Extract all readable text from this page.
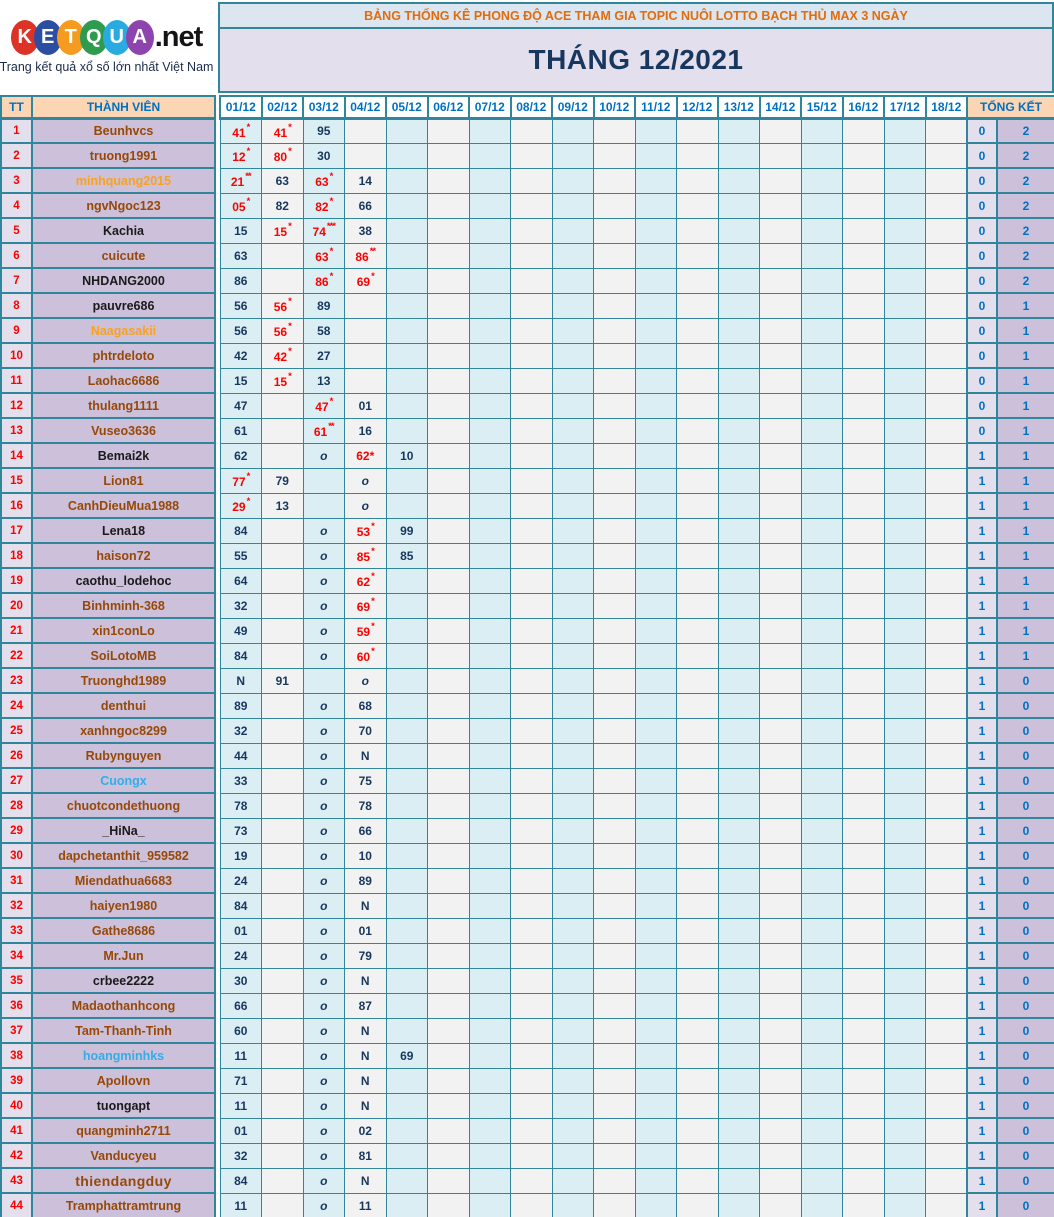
K E T Q U A .net
Trang kết quả xổ số lớn nhất Việt Nam
BẢNG THỐNG KÊ PHONG ĐỘ ACE THAM GIA TOPIC NUÔI LOTTO BẠCH THỦ MAX 3 NGÀY
THÁNG 12/2021
TT	THÀNH VIÊN		01/12	02/12	03/12	04/12	05/12	06/12	07/12	08/12	09/12	10/12	11/12	12/12	13/12	14/12	15/12	16/12	17/12	18/12	TỔNG KẾT	
1	Beunhvcs		41*	41*	95																0	2
2	truong1991		12*	80*	30																0	2
3	minhquang2015		21**	63	63*	14															0	2
4	ngvNgoc123		05*	82	82*	66															0	2
5	Kachia		15	15*	74***	38															0	2
6	cuicute		63		63*	86**															0	2
7	NHDANG2000		86		86*	69*															0	2
8	pauvre686		56	56*	89																0	1
9	Naagasakii		56	56*	58																0	1
10	phtrdeloto		42	42*	27																0	1
11	Laohac6686		15	15*	13																0	1
12	thulang1111		47		47*	01															0	1
13	Vuseo3636		61		61**	16															0	1
14	Bemai2k		62		o	62*	10														1	1
15	Lion81		77*	79		o															1	1
16	CanhDieuMua1988		29*	13		o															1	1
17	Lena18		84		o	53*	99														1	1
18	haison72		55		o	85*	85														1	1
19	caothu_lodehoc		64		o	62*															1	1
20	Binhminh-368		32		o	69*															1	1
21	xin1conLo		49		o	59*															1	1
22	SoiLotoMB		84		o	60*															1	1
23	Truonghd1989		N	91		o															1	0
24	denthui		89		o	68															1	0
25	xanhngoc8299		32		o	70															1	0
26	Rubynguyen		44		o	N															1	0
27	Cuongx		33		o	75															1	0
28	chuotcondethuong		78		o	78															1	0
29	_HiNa_		73		o	66															1	0
30	dapchetanthit_959582		19		o	10															1	0
31	Miendathua6683		24		o	89															1	0
32	haiyen1980		84		o	N															1	0
33	Gathe8686		01		o	01															1	0
34	Mr.Jun		24		o	79															1	0
35	crbee2222		30		o	N															1	0
36	Madaothanhcong		66		o	87															1	0
37	Tam-Thanh-Tinh		60		o	N															1	0
38	hoangminhks		11		o	N	69														1	0
39	Apollovn		71		o	N															1	0
40	tuongapt		11		o	N															1	0
41	quangminh2711		01		o	02															1	0
42	Vanducyeu		32		o	81															1	0
43	thiendangduy		84		o	N															1	0
44	Tramphattramtrung		11		o	11															1	0
